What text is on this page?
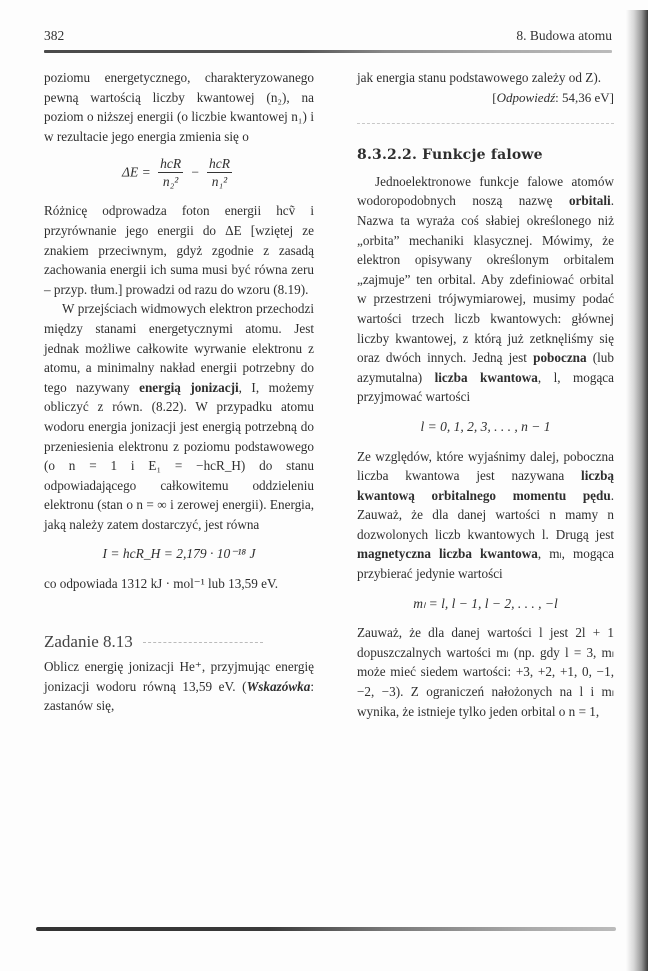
382	8. Budowa atomu

poziomu energetycznego, charakteryzowanego pewną wartością liczby kwantowej (n₂), na poziom o niższej energii (o liczbie kwantowej n₁) i w rezultacie jego energia zmienia się o

$\Delta E = \frac{\text{hcR}}{\text{n₂²}} - \frac{\text{hcR}}{\text{n₁²}}$

Różnicę odprowadza foton energii hcṽ i przyrównanie jego energii do ΔE [wziętej ze znakiem przeciwnym, gdyż zgodnie z zasadą zachowania energii ich suma musi być równa zeru – przyp. tłum.] prowadzi od razu do wzoru (8.19).

W przejściach widmowych elektron przechodzi między stanami energetycznymi atomu. Jest jednak możliwe całkowite wyrwanie elektronu z atomu, a minimalny nakład energii potrzebny do tego nazywany energią jonizacji, I, możemy obliczyć z równ. (8.22). W przypadku atomu wodoru energia jonizacji jest energią potrzebną do przeniesienia elektronu z poziomu podstawowego (o n = 1 i E₁ = −hcR_H) do stanu odpowiadającego całkowitemu oddzieleniu elektronu (stan o n = ∞ i zerowej energii). Energia, jaką należy zatem dostarczyć, jest równa

I = hcR_H = 2,179 · 10⁻¹⁸ J

co odpowiada 1312 kJ · mol⁻¹ lub 13,59 eV.

Zadanie 8.13

Oblicz energię jonizacji He⁺, przyjmując energię jonizacji wodoru równą 13,59 eV. (Wskazówka: zastanów się,

jak energia stanu podstawowego zależy od Z).

[Odpowiedź: 54,36 eV]

8.3.2.2. Funkcje falowe

Jednoelektronowe funkcje falowe atomów wodoropodobnych noszą nazwę orbitali. Nazwa ta wyraża coś słabiej określonego niż „orbita” mechaniki klasycznej. Mówimy, że elektron opisywany określonym orbitalem „zajmuje” ten orbital. Aby zdefiniować orbital w przestrzeni trójwymiarowej, musimy podać wartości trzech liczb kwantowych: głównej liczby kwantowej, z którą już zetknęliśmy się oraz dwóch innych. Jedną jest poboczna (lub azymutalna) liczba kwantowa, l, mogąca przyjmować wartości

l = 0, 1, 2, 3, . . . , n − 1

Ze względów, które wyjaśnimy dalej, poboczna liczba kwantowa jest nazywana liczbą kwantową orbitalnego momentu pędu. Zauważ, że dla danej wartości n mamy n dozwolonych liczb kwantowych l. Drugą jest magnetyczna liczba kwantowa, mₗ, mogąca przybierać jedynie wartości

mₗ = l, l − 1, l − 2, . . . , −l

Zauważ, że dla danej wartości l jest 2l + 1 dopuszczalnych wartości mₗ (np. gdy l = 3, mₗ może mieć siedem wartości: +3, +2, +1, 0, −1, −2, −3). Z ograniczeń nałożonych na l i mₗ wynika, że istnieje tylko jeden orbital o n = 1,
